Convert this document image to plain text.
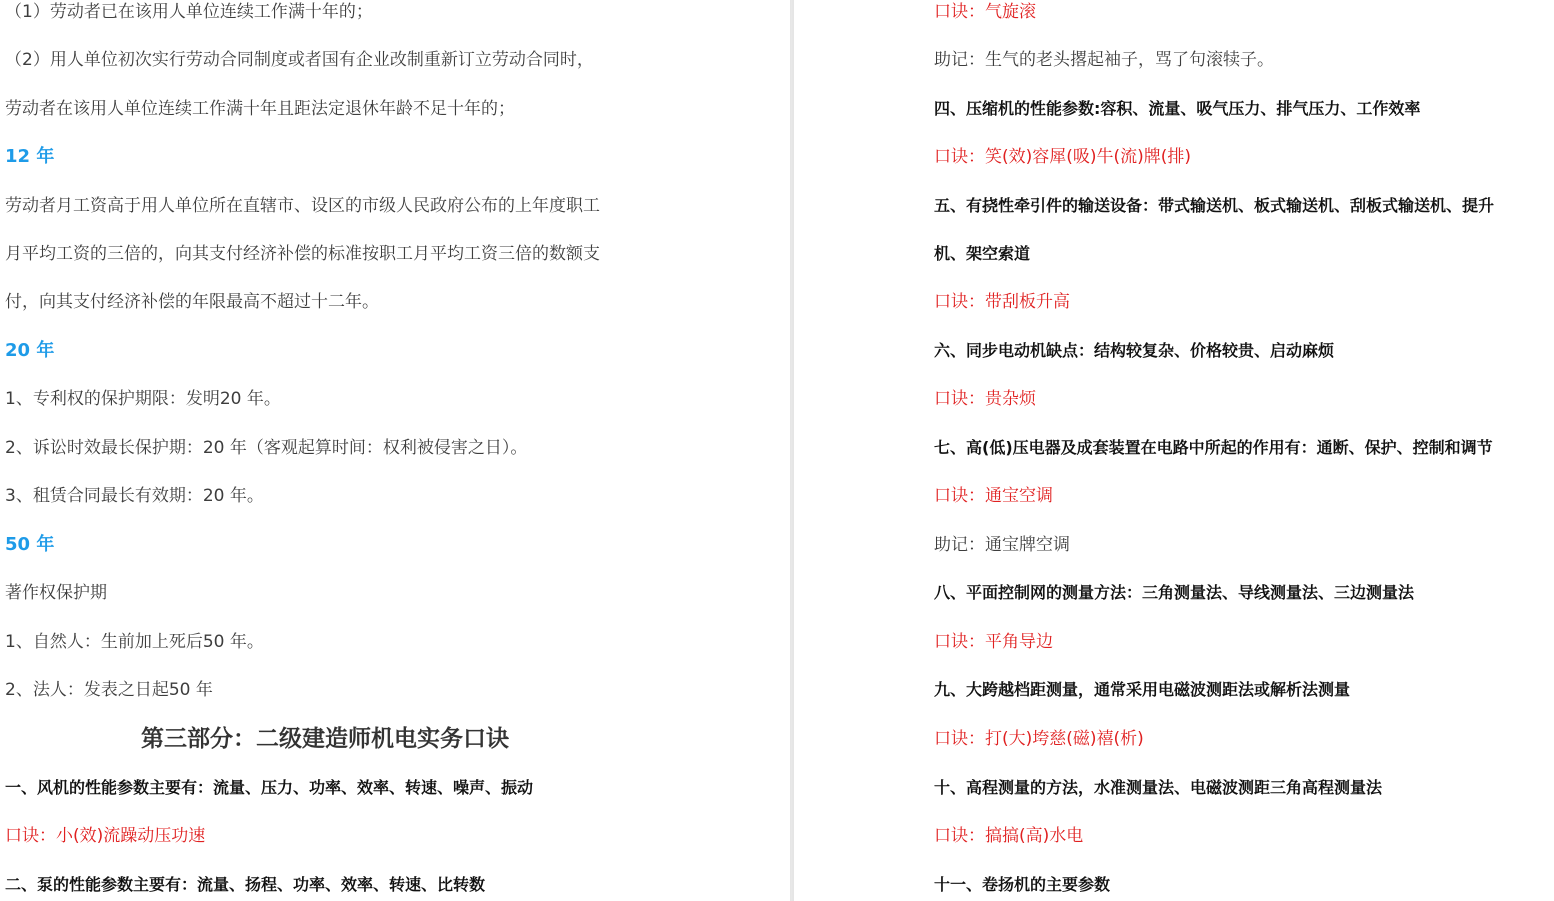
（1）劳动者已在该用人单位连续工作满十年的；
（2）用人单位初次实行劳动合同制度或者国有企业改制重新订立劳动合同时，
劳动者在该用人单位连续工作满十年且距法定退休年龄不足十年的；
12 年
劳动者月工资高于用人单位所在直辖市、设区的市级人民政府公布的上年度职工
月平均工资的三倍的，向其支付经济补偿的标准按职工月平均工资三倍的数额支
付，向其支付经济补偿的年限最高不超过十二年。
20 年
1、专利权的保护期限：发明20 年。
2、诉讼时效最长保护期：20 年（客观起算时间：权利被侵害之日）。
3、租赁合同最长有效期：20 年。
50 年
著作权保护期
1、自然人：生前加上死后50 年。
2、法人：发表之日起50 年
第三部分：二级建造师机电实务口诀
一、风机的性能参数主要有：流量、压力、功率、效率、转速、噪声、振动
口诀：小(效)流躁动压功速
二、泵的性能参数主要有：流量、扬程、功率、效率、转速、比转数
口诀：气旋滚
助记：生气的老头撂起袖子，骂了句滚犊子。
四、压缩机的性能参数:容积、流量、吸气压力、排气压力、工作效率
口诀：笑(效)容犀(吸)牛(流)牌(排)
五、有挠性牵引件的输送设备：带式输送机、板式输送机、刮板式输送机、提升
机、架空索道
口诀：带刮板升高
六、同步电动机缺点：结构较复杂、价格较贵、启动麻烦
口诀：贵杂烦
七、高(低)压电器及成套装置在电路中所起的作用有：通断、保护、控制和调节
口诀：通宝空调
助记：通宝牌空调
八、平面控制网的测量方法：三角测量法、导线测量法、三边测量法
口诀：平角导边
九、大跨越档距测量，通常采用电磁波测距法或解析法测量
口诀：打(大)垮慈(磁)禧(析)
十、高程测量的方法，水准测量法、电磁波测距三角高程测量法
口诀：搞搞(高)水电
十一、卷扬机的主要参数
